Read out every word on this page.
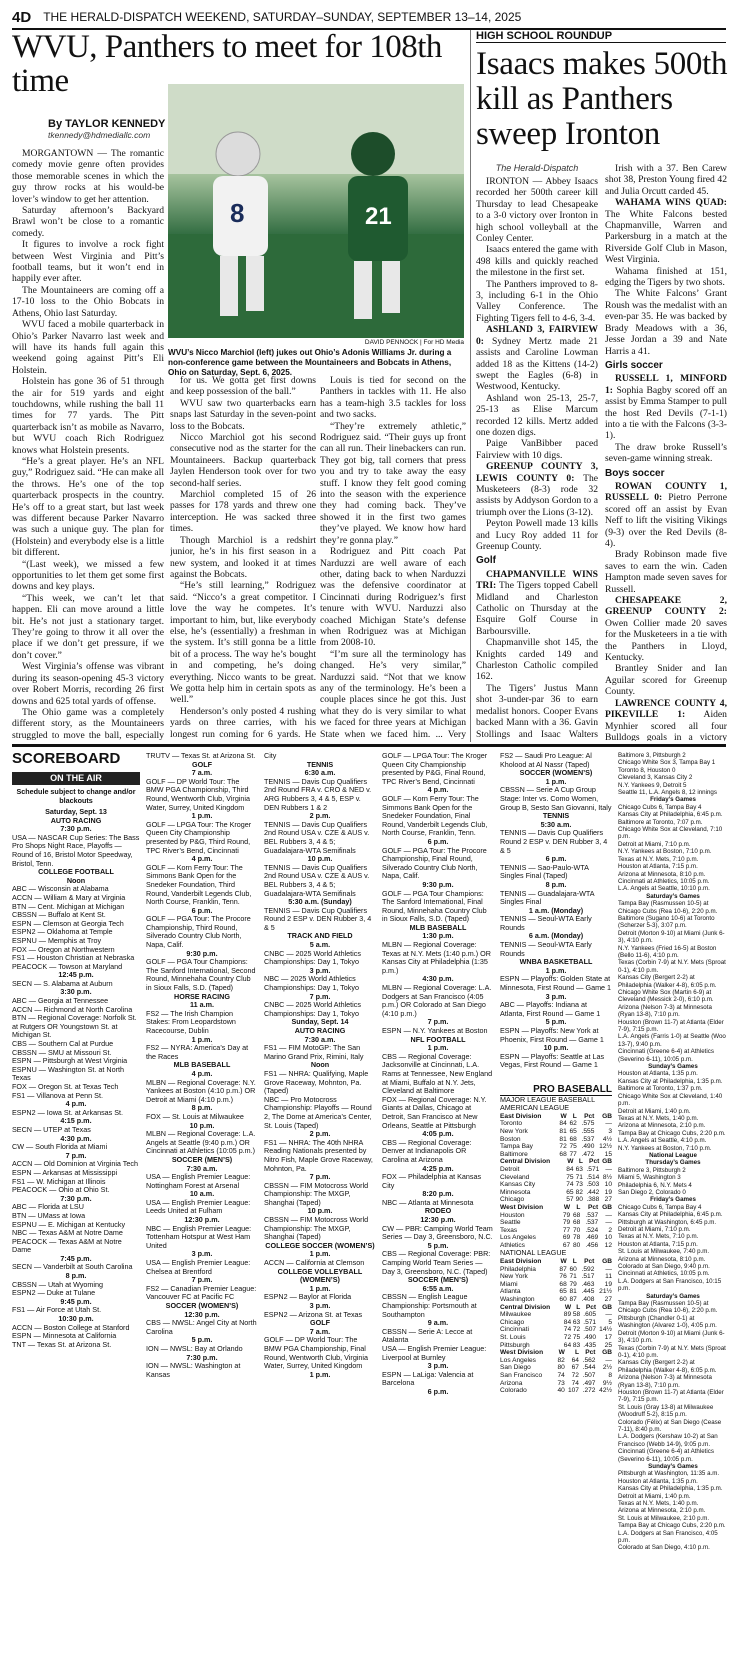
4D THE HERALD-DISPATCH WEEKEND, SATURDAY–SUNDAY, SEPTEMBER 13–14, 2025
WVU, Panthers to meet for 108th time
By TAYLOR KENNEDY
tkennedy@hdmediallc.com
8	21
DAVID PENNOCK | For HD Media
WVU’s Nicco Marchiol (left) jukes out Ohio’s Adonis Williams Jr. during a non-conference game between the Mountaineers and Bobcats in Athens, Ohio on Saturday, Sept. 6, 2025.

MORGANTOWN — The romantic comedy movie genre often provides those memorable scenes in which the guy throw rocks at his would-be lover’s window to get her attention.

Saturday afternoon’s Backyard Brawl won’t be close to a romantic comedy.

It figures to involve a rock fight between West Virginia and Pitt’s football teams, but it won’t end in happily ever after.

The Mountaineers are coming off a 17-10 loss to the Ohio Bobcats in Athens, Ohio last Saturday.

WVU faced a mobile quarterback in Ohio’s Parker Navarro last week and will have its hands full again this weekend going against Pitt’s Eli Holstein.

Holstein has gone 36 of 51 through the air for 519 yards and eight touchdowns, while rushing the ball 11 times for 77 yards. The Pitt quarterback isn’t as mobile as Navarro, but WVU coach Rich Rodriguez knows what Holstein presents.

“He’s a great player. He’s an NFL guy,” Rodriguez said. “He can make all the throws. He’s one of the top quarterback prospects in the country. He’s off to a great start, but last week was different because Parker Navarro was such a unique guy. The plan for (Holstein) and everybody else is a little bit different.

“(Last week), we missed a few opportunities to let them get some first downs and key plays.

“This week, we can’t let that happen. Eli can move around a little bit. He’s not just a stationary target. They’re going to throw it all over the place if we don’t get pressure, if we don’t cover.”

West Virginia’s offense was vibrant during its season-opening 45-3 victory over Robert Morris, recording 26 first downs and 625 total yards of offense.

The Ohio game was a completely different story, as the Mountaineers struggled to move the ball, especially

for us. We gotta get first downs and keep possession of the ball.”

WVU saw two quarterbacks earn snaps last Saturday in the seven-point loss to the Bobcats.

Nicco Marchiol got his second consecutive nod as the starter for the Mountaineers. Backup quarterback Jaylen Henderson took over for two second-half series.

Marchiol completed 15 of 26 passes for 178 yards and threw one interception. He was sacked three times.

Though Marchiol is a redshirt junior, he’s in his first season in a new system, and looked it at times against the Bobcats.

“He’s still learning,” Rodriguez said. “Nicco’s a great competitor. I love the way he competes. It’s important to him, but, like everybody else, he’s (essentially) a freshman in the system. It’s still gonna be a little bit of a process. The way he’s bought in and competing, he’s doing everything. Nicco wants to be great. We gotta help him in certain spots as well.”

Henderson’s only posted 4 rushing yards on three carries, with his longest run coming for 6 yards. He

Louis is tied for second on the Panthers in tackles with 11. He also has a team-high 3.5 tackles for loss and two sacks.

“They’re extremely athletic,” Rodriguez said. “Their guys up front can all run. Their linebackers can run. They got big, tall corners that press you and try to take away the easy stuff. I know they felt good coming into the season with the experience they had coming back. They’ve showed it in the first two games they’ve played. We know how hard they’re gonna play.”

Rodriguez and Pitt coach Pat Narduzzi are well aware of each other, dating back to when Narduzzi was the defensive coordinator at Cincinnati during Rodriguez’s first tenure with WVU. Narduzzi also coached Michigan State’s defense when Rodriguez was at Michigan from 2008-10.

“I’m sure all the terminology has changed. He’s very similar,” Narduzzi said. “Not that we know any of the terminology. He’s been a couple places since he got this. Just what they do is very similar to what we faced for three years at Michigan State when we faced him. ... Very

HIGH SCHOOL ROUNDUP
Isaacs makes 500th kill as Panthers sweep Ironton
The Herald-Dispatch

IRONTON — Abbey Isaacs recorded her 500th career kill Thursday to lead Chesapeake to a 3-0 victory over Ironton in high school volleyball at the Conley Center.

Isaacs entered the game with 498 kills and quickly reached the milestone in the first set.

The Panthers improved to 8-3, including 6-1 in the Ohio Valley Conference. The Fighting Tigers fell to 4-6, 3-4.

ASHLAND 3, FAIRVIEW 0: Sydney Mertz made 21 assists and Caroline Lowman added 18 as the Kittens (14-2) swept the Eagles (6-8) in Westwood, Kentucky.

Ashland won 25-13, 25-7, 25-13 as Elise Marcum recorded 12 kills. Mertz added one dozen digs.

Paige VanBibber paced Fairview with 10 digs.

GREENUP COUNTY 3, LEWIS COUNTY 0: The Musketeers (8-3) rode 32 assists by Addyson Gordon to a triumph over the Lions (3-12).

Peyton Powell made 13 kills and Lucy Roy added 11 for Greenup County.

Golf

CHAPMANVILLE WINS TRI: The Tigers topped Cabell Midland and Charleston Catholic on Thursday at the Esquire Golf Course in Barboursville.

Chapmanville shot 145, the Knights carded 149 and Charleston Catholic compiled 162.

The Tigers’ Justus Mann shot 3-under-par 36 to earn medalist honors. Cooper Evans backed Mann with a 36. Gavin Stollings and Isaac Walters

Irish with a 37. Ben Carew shot 38, Preston Young fired 42 and Julia Orcutt carded 45.

WAHAMA WINS QUAD: The White Falcons bested Chapmanville, Warren and Parkersburg in a match at the Riverside Golf Club in Mason, West Virginia.

Wahama finished at 151, edging the Tigers by two shots.

The White Falcons’ Grant Roush was the medalist with an even-par 35. He was backed by Brady Meadows with a 36, Jesse Jordan a 39 and Nate Harris a 41.

Girls soccer

RUSSELL 1, MINFORD 1: Sophia Bagby scored off an assist by Emma Stamper to pull the host Red Devils (7-1-1) into a tie with the Falcons (3-3-1).

The draw broke Russell’s seven-game winning streak.

Boys soccer

ROWAN COUNTY 1, RUSSELL 0: Pietro Perrone scored off an assist by Evan Neff to lift the visiting Vikings (9-3) over the Red Devils (8-4).

Brady Robinson made five saves to earn the win. Caden Hampton made seven saves for Russell.

CHESAPEAKE 2, GREENUP COUNTY 2: Owen Collier made 20 saves for the Musketeers in a tie with the Panthers in Lloyd, Kentucky.

Brantley Snider and Ian Aguilar scored for Greenup County.

LAWRENCE COUNTY 4, PIKEVILLE 1: Aiden Mynhier scored all four Bulldogs goals in a victory

SCOREBOARD
ON THE AIR
Schedule subject to change and/or blackouts
Saturday, Sept. 13
AUTO RACING
7:30 p.m.
USA — NASCAR Cup Series: The Bass Pro Shops Night Race, Playoffs — Round of 16, Bristol Motor Speedway, Bristol, Tenn.
COLLEGE FOOTBALL
Noon
ABC — Wisconsin at Alabama
ACCN — William & Mary at Virginia
BTN — Cent. Michigan at Michigan
CBSSN — Buffalo at Kent St.
ESPN — Clemson at Georgia Tech
ESPN2 — Oklahoma at Temple
ESPNU — Memphis at Troy
FOX — Oregon at Northwestern
FS1 — Houston Christian at Nebraska
PEACOCK — Towson at Maryland
12:45 p.m.
SECN — S. Alabama at Auburn
3:30 p.m.
ABC — Georgia at Tennessee
ACCN — Richmond at North Carolina
BTN — Regional Coverage: Norfolk St. at Rutgers OR Youngstown St. at Michigan St.
CBS — Southern Cal at Purdue
CBSSN — SMU at Missouri St.
ESPN — Pittsburgh at West Virginia
ESPNU — Washington St. at North Texas
FOX — Oregon St. at Texas Tech
FS1 — Villanova at Penn St.
4 p.m.
ESPN2 — Iowa St. at Arkansas St.
4:15 p.m.
SECN — UTEP at Texas
4:30 p.m.
CW — South Florida at Miami
7 p.m.
ACCN — Old Dominion at Virginia Tech
ESPN — Arkansas at Mississippi
FS1 — W. Michigan at Illinois
PEACOCK — Ohio at Ohio St.
7:30 p.m.
ABC — Florida at LSU
BTN — UMass at Iowa
ESPNU — E. Michigan at Kentucky
NBC — Texas A&M at Notre Dame
PEACOCK — Texas A&M at Notre Dame
7:45 p.m.
SECN — Vanderbilt at South Carolina
8 p.m.
CBSSN — Utah at Wyoming
ESPN2 — Duke at Tulane
9:45 p.m.
FS1 — Air Force at Utah St.
10:30 p.m.
ACCN — Boston College at Stanford
ESPN — Minnesota at California
TNT — Texas St. at Arizona St.
TRUTV — Texas St. at Arizona St.
GOLF
7 a.m.
GOLF — DP World Tour: The BMW PGA Championship, Third Round, Wentworth Club, Virginia Water, Surrey, United Kingdom
1 p.m.
GOLF — LPGA Tour: The Kroger Queen City Championship presented by P&G, Third Round, TPC River’s Bend, Cincinnati
4 p.m.
GOLF — Korn Ferry Tour: The Simmons Bank Open for the Snedeker Foundation, Third Round, Vanderbilt Legends Club, North Course, Franklin, Tenn.
6 p.m.
GOLF — PGA Tour: The Procore Championship, Third Round, Silverado Country Club North, Napa, Calif.
9:30 p.m.
GOLF — PGA Tour Champions: The Sanford International, Second Round, Minnehaha Country Club in Sioux Falls, S.D. (Taped)
HORSE RACING
11 a.m.
FS2 — The Irish Champion Stakes: From Leopardstown Racecourse, Dublin
1 p.m.
FS2 — NYRA: America’s Day at the Races
MLB BASEBALL
4 p.m.
MLBN — Regional Coverage: N.Y. Yankees at Boston (4:10 p.m.) OR Detroit at Miami (4:10 p.m.)
8 p.m.
FOX — St. Louis at Milwaukee
10 p.m.
MLBN — Regional Coverage: L.A. Angels at Seattle (9:40 p.m.) OR Cincinnati at Athletics (10:05 p.m.)
SOCCER (MEN’S)
7:30 a.m.
USA — English Premier League: Nottingham Forest at Arsenal
10 a.m.
USA — English Premier League: Leeds United at Fulham
12:30 p.m.
NBC — English Premier League: Tottenham Hotspur at West Ham United
3 p.m.
USA — English Premier League: Chelsea at Brentford
7 p.m.
FS2 — Canadian Premier League: Vancouver FC at Pacific FC
SOCCER (WOMEN’S)
12:30 p.m.
CBS — NWSL: Angel City at North Carolina
5 p.m.
ION — NWSL: Bay at Orlando
7:30 p.m.
ION — NWSL: Washington at Kansas
City
TENNIS
6:30 a.m.
TENNIS — Davis Cup Qualifiers 2nd Round FRA v. CRO & NED v. ARG Rubbers 3, 4 & 5, ESP v. DEN Rubbers 1 & 2
2 p.m.
TENNIS — Davis Cup Qualifiers 2nd Round USA v. CZE & AUS v. BEL Rubbers 3, 4 & 5; Guadalajara-WTA Semifinals
10 p.m.
TENNIS — Davis Cup Qualifiers 2nd Round USA v. CZE & AUS v. BEL Rubbers 3, 4 & 5; Guadalajara-WTA Semifinals
5:30 a.m. (Sunday)
TENNIS — Davis Cup Qualifiers Round 2 ESP v. DEN Rubber 3, 4 & 5
TRACK AND FIELD
5 a.m.
CNBC — 2025 World Athletics Championships: Day 1, Tokyo
3 p.m.
NBC — 2025 World Athletics Championships: Day 1, Tokyo
7 p.m.
CNBC — 2025 World Athletics Championships: Day 1, Tokyo
Sunday, Sept. 14
AUTO RACING
7:30 a.m.
FS1 — FIM MotoGP: The San Marino Grand Prix, Rimini, Italy
Noon
FS1 — NHRA: Qualifying, Maple Grove Raceway, Mohnton, Pa. (Taped)
NBC — Pro Motocross Championship: Playoffs — Round 2, The Dome at America’s Center, St. Louis (Taped)
2 p.m.
FS1 — NHRA: The 40th NHRA Reading Nationals presented by Nitro Fish, Maple Grove Raceway, Mohnton, Pa.
7 p.m.
CBSSN — FIM Motocross World Championship: The MXGP, Shanghai (Taped)
10 p.m.
CBSSN — FIM Motocross World Championship: The MXGP, Shanghai (Taped)
COLLEGE SOCCER (WOMEN’S)
1 p.m.
ACCN — California at Clemson
COLLEGE VOLLEYBALL (WOMEN’S)
1 p.m.
ESPN2 — Baylor at Florida
3 p.m.
ESPN2 — Arizona St. at Texas
GOLF
7 a.m.
GOLF — DP World Tour: The BMW PGA Championship, Final Round, Wentworth Club, Virginia Water, Surrey, United Kingdom
1 p.m.
GOLF — LPGA Tour: The Kroger Queen City Championship presented by P&G, Final Round, TPC River’s Bend, Cincinnati
4 p.m.
GOLF — Korn Ferry Tour: The Simmons Bank Open for the Snedeker Foundation, Final Round, Vanderbilt Legends Club, North Course, Franklin, Tenn.
6 p.m.
GOLF — PGA Tour: The Procore Championship, Final Round, Silverado Country Club North, Napa, Calif.
9:30 p.m.
GOLF — PGA Tour Champions: The Sanford International, Final Round, Minnehaha Country Club in Sioux Falls, S.D. (Taped)
MLB BASEBALL
1:30 p.m.
MLBN — Regional Coverage: Texas at N.Y. Mets (1:40 p.m.) OR Kansas City at Philadelphia (1:35 p.m.)
4:30 p.m.
MLBN — Regional Coverage: L.A. Dodgers at San Francisco (4:05 p.m.) OR Colorado at San Diego (4:10 p.m.)
7 p.m.
ESPN — N.Y. Yankees at Boston
NFL FOOTBALL
1 p.m.
CBS — Regional Coverage: Jacksonville at Cincinnati, L.A. Rams at Tennessee, New England at Miami, Buffalo at N.Y. Jets, Cleveland at Baltimore
FOX — Regional Coverage: N.Y. Giants at Dallas, Chicago at Detroit, San Francisco at New Orleans, Seattle at Pittsburgh
4:05 p.m.
CBS — Regional Coverage: Denver at Indianapolis OR Carolina at Arizona
4:25 p.m.
FOX — Philadelphia at Kansas City
8:20 p.m.
NBC — Atlanta at Minnesota
RODEO
12:30 p.m.
CW — PBR: Camping World Team Series — Day 3, Greensboro, N.C.
5 p.m.
CBS — Regional Coverage: PBR: Camping World Team Series — Day 3, Greensboro, N.C. (Taped)
SOCCER (MEN’S)
6:55 a.m.
CBSSN — English League Championship: Portsmouth at Southampton
9 a.m.
CBSSN — Serie A: Lecce at Atalanta
USA — English Premier League: Liverpool at Burnley
3 p.m.
ESPN — LaLiga: Valencia at Barcelona
6 p.m.
FS2 — Saudi Pro League: Al Kholood at Al Nassr (Taped)
SOCCER (WOMEN’S)
1 p.m.
CBSSN — Serie A Cup Group Stage: Inter vs. Como Women, Group B, Sesto San Giovanni, Italy
TENNIS
5:30 a.m.
TENNIS — Davis Cup Qualifiers Round 2 ESP v. DEN Rubber 3, 4 & 5
6 p.m.
TENNIS — Sao-Paulo-WTA Singles Final (Taped)
8 p.m.
TENNIS — Guadalajara-WTA Singles Final
1 a.m. (Monday)
TENNIS — Seoul-WTA Early Rounds
6 a.m. (Monday)
TENNIS — Seoul-WTA Early Rounds
WNBA BASKETBALL
1 p.m.
ESPN — Playoffs: Golden State at Minnesota, First Round — Game 1
3 p.m.
ABC — Playoffs: Indiana at Atlanta, First Round — Game 1
5 p.m.
ESPN — Playoffs: New York at Phoenix, First Round — Game 1
10 p.m.
ESPN — Playoffs: Seattle at Las Vegas, First Round — Game 1
PRO BASEBALL
MAJOR LEAGUE BASEBALL
AMERICAN LEAGUE
East Division	W	L	Pct	GB
Toronto	84	62	.575	—
New York	81	65	.555	3
Boston	81	68	.537	4½
Tampa Bay	72	75	.490	12½
Baltimore	68	77	.472	15
Central Division	W	L	Pct	GB
Detroit	84	63	.571	—
Cleveland	75	71	.514	8½
Kansas City	74	73	.503	10
Minnesota	65	82	.442	19
Chicago	57	90	.388	27
West Division	W	L	Pct	GB
Houston	79	68	.537	—
Seattle	79	68	.537	—
Texas	77	70	.524	2
Los Angeles	69	78	.469	10
Athletics	67	80	.456	12
NATIONAL LEAGUE
East Division	W	L	Pct	GB
Philadelphia	87	60	.592	—
New York	76	71	.517	11
Miami	68	79	.463	19
Atlanta	65	81	.445	21½
Washington	60	87	.408	27
Central Division	W	L	Pct	GB
Milwaukee	89	58	.605	—
Chicago	84	63	.571	5
Cincinnati	74	72	.507	14½
St. Louis	72	75	.490	17
Pittsburgh	64	83	.435	25
West Division	W	L	Pct	GB
Los Angeles	82	64	.562	—
San Diego	80	67	.544	2½
San Francisco	74	72	.507	8
Arizona	73	74	.497	9½
Colorado	40	107	.272	42½
Baltimore 3, Pittsburgh 2
Chicago White Sox 3, Tampa Bay 1
Toronto 8, Houston 0
Cleveland 3, Kansas City 2
N.Y. Yankees 9, Detroit 5
Seattle 11, L.A. Angels 8, 12 innings
Friday’s Games
Chicago Cubs 6, Tampa Bay 4
Kansas City at Philadelphia, 6:45 p.m.
Baltimore at Toronto, 7:07 p.m.
Chicago White Sox at Cleveland, 7:10 p.m.
Detroit at Miami, 7:10 p.m.
N.Y. Yankees at Boston, 7:10 p.m.
Texas at N.Y. Mets, 7:10 p.m.
Houston at Atlanta, 7:15 p.m.
Arizona at Minnesota, 8:10 p.m.
Cincinnati at Athletics, 10:05 p.m.
L.A. Angels at Seattle, 10:10 p.m.
Saturday’s Games
Tampa Bay (Rasmussen 10-5) at Chicago Cubs (Rea 10-6), 2:20 p.m.
Baltimore (Sugano 10-6) at Toronto (Scherzer 5-3), 3:07 p.m.
Detroit (Morton 9-10) at Miami (Junk 6-3), 4:10 p.m.
N.Y. Yankees (Fried 16-5) at Boston (Bello 11-6), 4:10 p.m.
Texas (Corbin 7-9) at N.Y. Mets (Sproat 0-1), 4:10 p.m.
Kansas City (Bergert 2-2) at Philadelphia (Walker 4-8), 6:05 p.m.
Chicago White Sox (Martin 6-9) at Cleveland (Messick 2-0), 6:10 p.m.
Arizona (Nelson 7-3) at Minnesota (Ryan 13-8), 7:10 p.m.
Houston (Brown 11-7) at Atlanta (Elder 7-9), 7:15 p.m.
L.A. Angels (Farris 1-0) at Seattle (Woo 13-7), 9:40 p.m.
Cincinnati (Greene 6-4) at Athletics (Severino 6-11), 10:05 p.m.
Sunday’s Games
Houston at Atlanta, 1:35 p.m.
Kansas City at Philadelphia, 1:35 p.m.
Baltimore at Toronto, 1:37 p.m.
Chicago White Sox at Cleveland, 1:40 p.m.
Detroit at Miami, 1:40 p.m.
Texas at N.Y. Mets, 1:40 p.m.
Arizona at Minnesota, 2:10 p.m.
Tampa Bay at Chicago Cubs, 2:20 p.m.
L.A. Angels at Seattle, 4:10 p.m.
N.Y. Yankees at Boston, 7:10 p.m.
National League
Thursday’s Games
Baltimore 3, Pittsburgh 2
Miami 5, Washington 3
Philadelphia 6, N.Y. Mets 4
San Diego 2, Colorado 0
Friday’s Games
Chicago Cubs 6, Tampa Bay 4
Kansas City at Philadelphia, 6:45 p.m.
Pittsburgh at Washington, 6:45 p.m.
Detroit at Miami, 7:10 p.m.
Texas at N.Y. Mets, 7:10 p.m.
Houston at Atlanta, 7:15 p.m.
St. Louis at Milwaukee, 7:40 p.m.
Arizona at Minnesota, 8:10 p.m.
Colorado at San Diego, 9:40 p.m.
Cincinnati at Athletics, 10:05 p.m.
L.A. Dodgers at San Francisco, 10:15 p.m.
Saturday’s Games
Tampa Bay (Rasmussen 10-5) at Chicago Cubs (Rea 10-6), 2:20 p.m.
Pittsburgh (Chandler 0-1) at Washington (Alvarez 1-0), 4:05 p.m.
Detroit (Morton 9-10) at Miami (Junk 6-3), 4:10 p.m.
Texas (Corbin 7-9) at N.Y. Mets (Sproat 0-1), 4:10 p.m.
Kansas City (Bergert 2-2) at Philadelphia (Walker 4-8), 6:05 p.m.
Arizona (Nelson 7-3) at Minnesota (Ryan 13-8), 7:10 p.m.
Houston (Brown 11-7) at Atlanta (Elder 7-9), 7:15 p.m.
St. Louis (Gray 13-8) at Milwaukee (Woodruff 5-2), 8:15 p.m.
Colorado (Félix) at San Diego (Cease 7-11), 8:40 p.m.
L.A. Dodgers (Kershaw 10-2) at San Francisco (Webb 14-9), 9:05 p.m.
Cincinnati (Greene 6-4) at Athletics (Severino 6-11), 10:05 p.m.
Sunday’s Games
Pittsburgh at Washington, 11:35 a.m.
Houston at Atlanta, 1:35 p.m.
Kansas City at Philadelphia, 1:35 p.m.
Detroit at Miami, 1:40 p.m.
Texas at N.Y. Mets, 1:40 p.m.
Arizona at Minnesota, 2:10 p.m.
St. Louis at Milwaukee, 2:10 p.m.
Tampa Bay at Chicago Cubs, 2:20 p.m.
L.A. Dodgers at San Francisco, 4:05 p.m.
Colorado at San Diego, 4:10 p.m.
